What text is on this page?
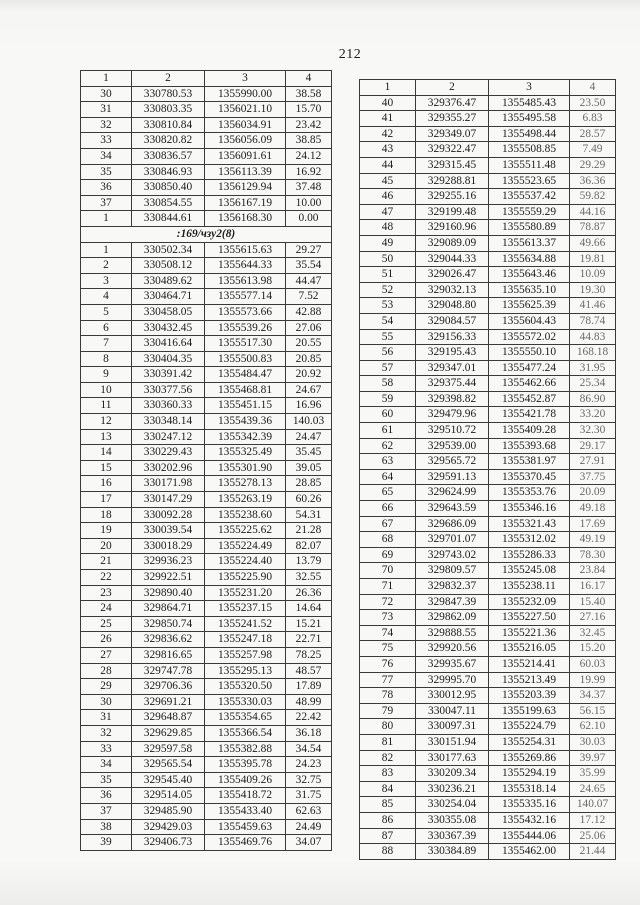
212
1	2	3	4
30	330780.53	1355990.00	38.58
31	330803.35	1356021.10	15.70
32	330810.84	1356034.91	23.42
33	330820.82	1356056.09	38.85
34	330836.57	1356091.61	24.12
35	330846.93	1356113.39	16.92
36	330850.40	1356129.94	37.48
37	330854.55	1356167.19	10.00
1	330844.61	1356168.30	0.00
:169/чзу2(8)			
1	330502.34	1355615.63	29.27
2	330508.12	1355644.33	35.54
3	330489.62	1355613.98	44.47
4	330464.71	1355577.14	7.52
5	330458.05	1355573.66	42.88
6	330432.45	1355539.26	27.06
7	330416.64	1355517.30	20.55
8	330404.35	1355500.83	20.85
9	330391.42	1355484.47	20.92
10	330377.56	1355468.81	24.67
11	330360.33	1355451.15	16.96
12	330348.14	1355439.36	140.03
13	330247.12	1355342.39	24.47
14	330229.43	1355325.49	35.45
15	330202.96	1355301.90	39.05
16	330171.98	1355278.13	28.85
17	330147.29	1355263.19	60.26
18	330092.28	1355238.60	54.31
19	330039.54	1355225.62	21.28
20	330018.29	1355224.49	82.07
21	329936.23	1355224.40	13.79
22	329922.51	1355225.90	32.55
23	329890.40	1355231.20	26.36
24	329864.71	1355237.15	14.64
25	329850.74	1355241.52	15.21
26	329836.62	1355247.18	22.71
27	329816.65	1355257.98	78.25
28	329747.78	1355295.13	48.57
29	329706.36	1355320.50	17.89
30	329691.21	1355330.03	48.99
31	329648.87	1355354.65	22.42
32	329629.85	1355366.54	36.18
33	329597.58	1355382.88	34.54
34	329565.54	1355395.78	24.23
35	329545.40	1355409.26	32.75
36	329514.05	1355418.72	31.75
37	329485.90	1355433.40	62.63
38	329429.03	1355459.63	24.49
39	329406.73	1355469.76	34.07
1	2	3	4
40	329376.47	1355485.43	23.50
41	329355.27	1355495.58	6.83
42	329349.07	1355498.44	28.57
43	329322.47	1355508.85	7.49
44	329315.45	1355511.48	29.29
45	329288.81	1355523.65	36.36
46	329255.16	1355537.42	59.82
47	329199.48	1355559.29	44.16
48	329160.96	1355580.89	78.87
49	329089.09	1355613.37	49.66
50	329044.33	1355634.88	19.81
51	329026.47	1355643.46	10.09
52	329032.13	1355635.10	19.30
53	329048.80	1355625.39	41.46
54	329084.57	1355604.43	78.74
55	329156.33	1355572.02	44.83
56	329195.43	1355550.10	168.18
57	329347.01	1355477.24	31.95
58	329375.44	1355462.66	25.34
59	329398.82	1355452.87	86.90
60	329479.96	1355421.78	33.20
61	329510.72	1355409.28	32.30
62	329539.00	1355393.68	29.17
63	329565.72	1355381.97	27.91
64	329591.13	1355370.45	37.75
65	329624.99	1355353.76	20.09
66	329643.59	1355346.16	49.18
67	329686.09	1355321.43	17.69
68	329701.07	1355312.02	49.19
69	329743.02	1355286.33	78.30
70	329809.57	1355245.08	23.84
71	329832.37	1355238.11	16.17
72	329847.39	1355232.09	15.40
73	329862.09	1355227.50	27.16
74	329888.55	1355221.36	32.45
75	329920.56	1355216.05	15.20
76	329935.67	1355214.41	60.03
77	329995.70	1355213.49	19.99
78	330012.95	1355203.39	34.37
79	330047.11	1355199.63	56.15
80	330097.31	1355224.79	62.10
81	330151.94	1355254.31	30.03
82	330177.63	1355269.86	39.97
83	330209.34	1355294.19	35.99
84	330236.21	1355318.14	24.65
85	330254.04	1355335.16	140.07
86	330355.08	1355432.16	17.12
87	330367.39	1355444.06	25.06
88	330384.89	1355462.00	21.44
